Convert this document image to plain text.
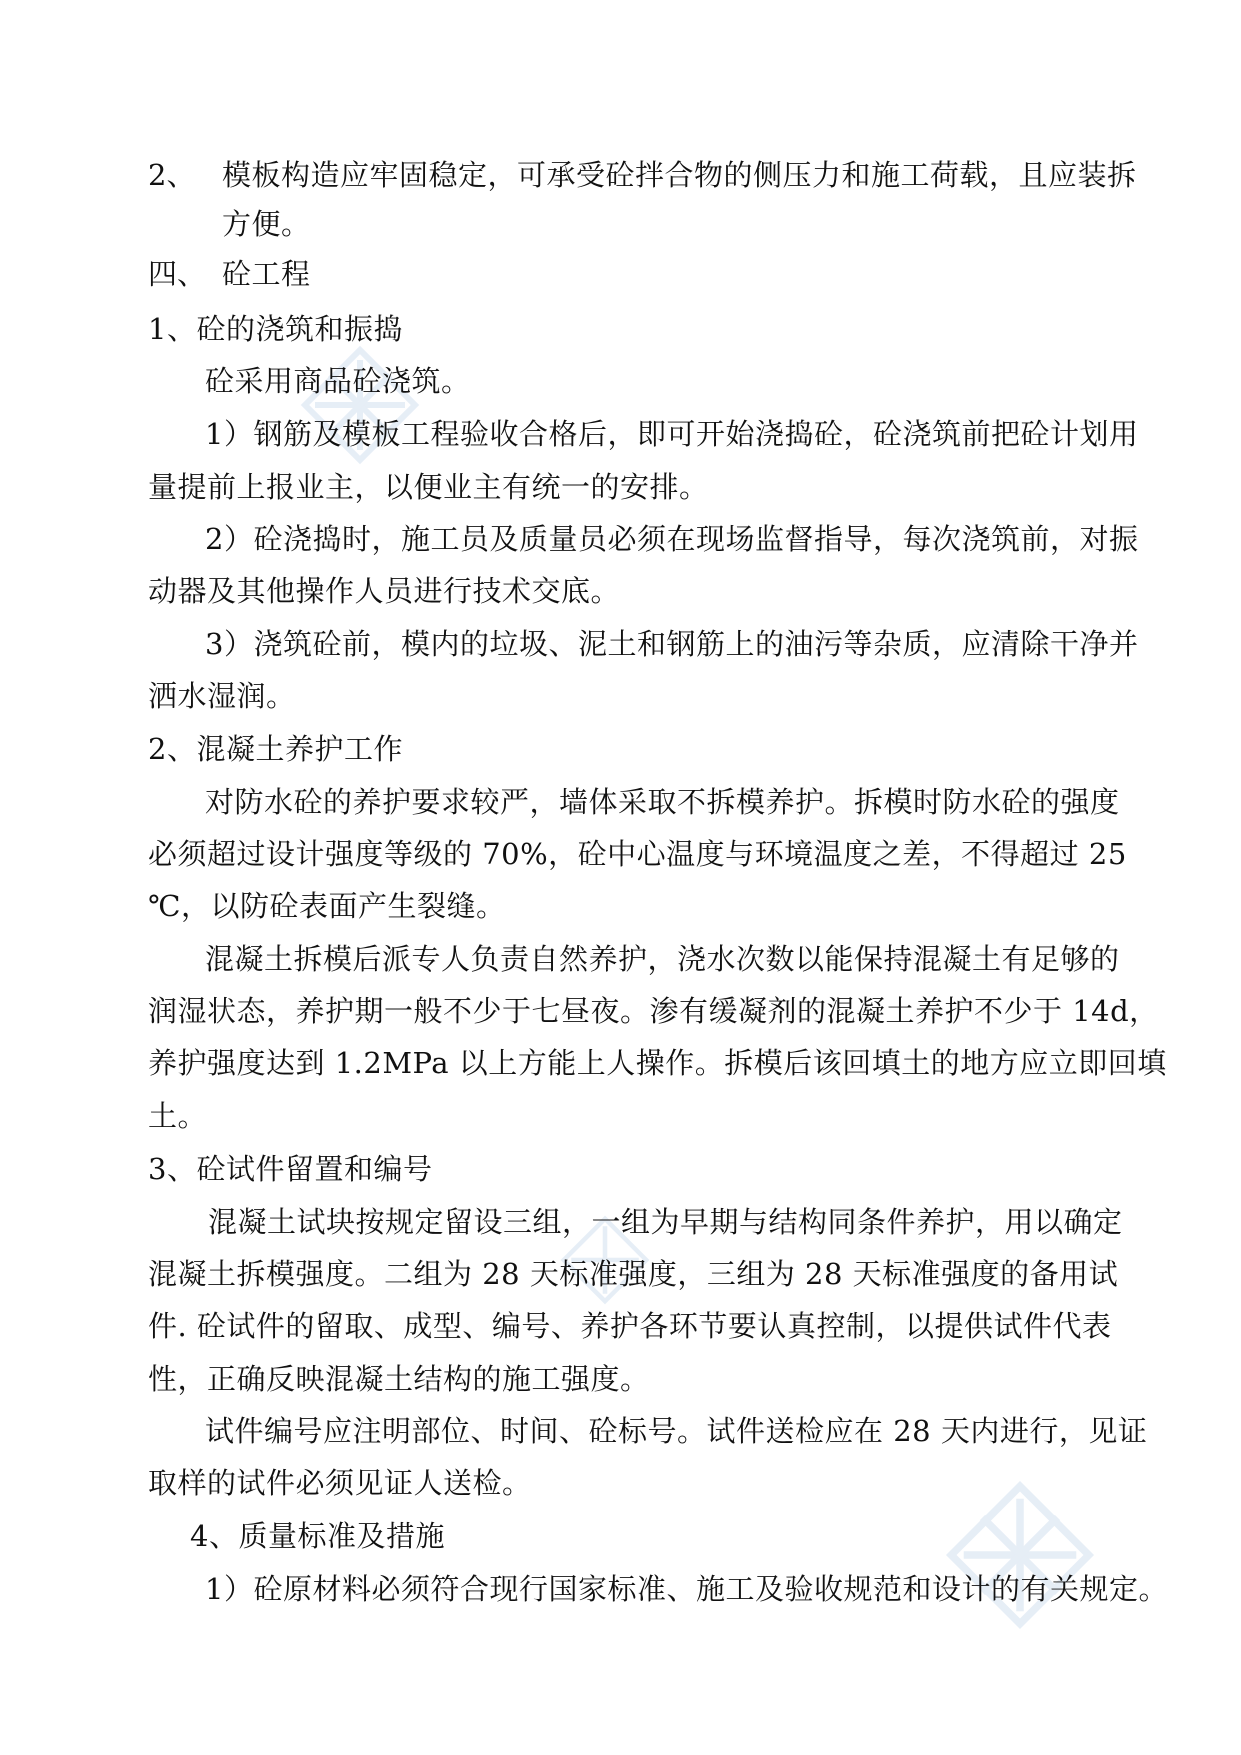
2、 模板构造应牢固稳定，可承受砼拌合物的侧压力和施工荷载，且应装拆
方便。
四、 砼工程
1、砼的浇筑和振捣
砼采用商品砼浇筑。
1）钢筋及模板工程验收合格后，即可开始浇捣砼，砼浇筑前把砼计划用
量提前上报业主，以便业主有统一的安排。
2）砼浇捣时，施工员及质量员必须在现场监督指导，每次浇筑前，对振
动器及其他操作人员进行技术交底。
3）浇筑砼前，模内的垃圾、泥土和钢筋上的油污等杂质，应清除干净并
洒水湿润。
2、混凝土养护工作
对防水砼的养护要求较严，墙体采取不拆模养护。拆模时防水砼的强度
必须超过设计强度等级的 70%，砼中心温度与环境温度之差，不得超过 25
℃，以防砼表面产生裂缝。
混凝土拆模后派专人负责自然养护，浇水次数以能保持混凝土有足够的
润湿状态，养护期一般不少于七昼夜。渗有缓凝剂的混凝土养护不少于 14d，
养护强度达到 1.2MPa 以上方能上人操作。拆模后该回填土的地方应立即回填
土。
3、砼试件留置和编号
混凝土试块按规定留设三组，一组为早期与结构同条件养护，用以确定
混凝土拆模强度。二组为 28 天标准强度，三组为 28 天标准强度的备用试
件. 砼试件的留取、成型、编号、养护各环节要认真控制，以提供试件代表
性，正确反映混凝土结构的施工强度。
试件编号应注明部位、时间、砼标号。试件送检应在 28 天内进行，见证
取样的试件必须见证人送检。
4、质量标准及措施
1）砼原材料必须符合现行国家标准、施工及验收规范和设计的有关规定。
